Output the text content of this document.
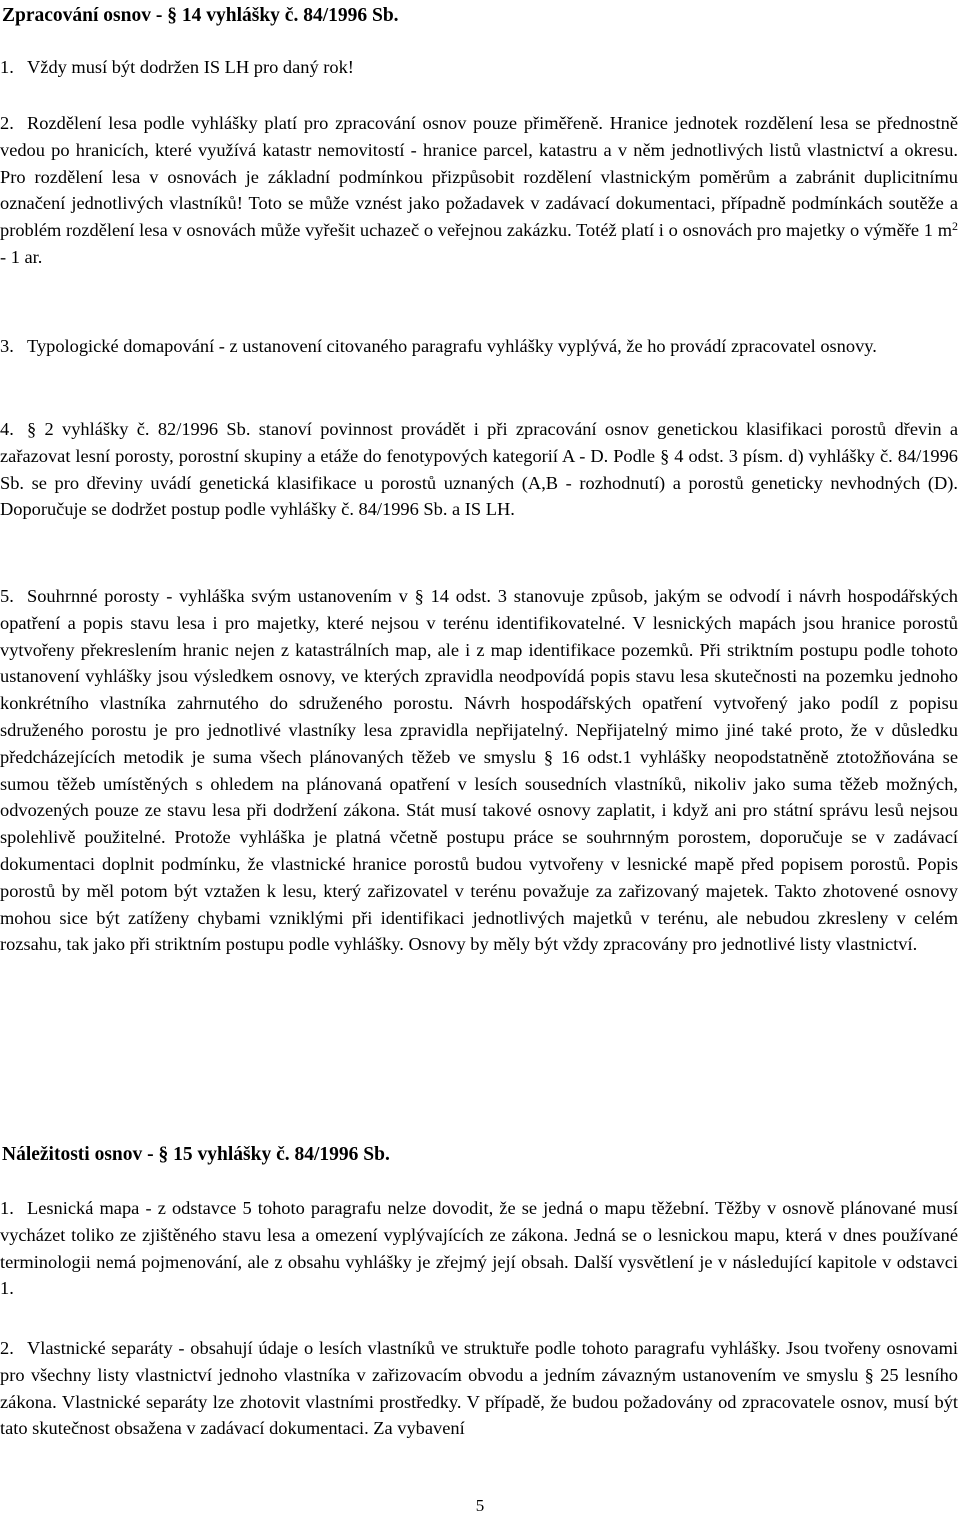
Zpracování osnov - § 14 vyhlášky č. 84/1996 Sb.
1. Vždy musí být dodržen IS LH pro daný rok!
2. Rozdělení lesa podle vyhlášky platí pro zpracování osnov pouze přiměřeně. Hranice jednotek rozdělení lesa se přednostně vedou po hranicích, které využívá katastr nemovitostí - hranice parcel, katastru a v něm jednotlivých listů vlastnictví a okresu. Pro rozdělení lesa v osnovách je základní podmínkou přizpůsobit rozdělení vlastnickým poměrům a zabránit duplicitnímu označení jednotlivých vlastníků! Toto se může vznést jako požadavek v zadávací dokumentaci, případně podmínkách soutěže a problém rozdělení lesa v osnovách může vyřešit uchazeč o veřejnou zakázku. Totéž platí i o osnovách pro majetky o výměře 1 $m^2 - 1$ ar.
3. Typologické domapování - z ustanovení citovaného paragrafu vyhlášky vyplývá, že ho provádí zpracovatel osnovy.
4. § 2 vyhlášky č. 82/1996 Sb. stanoví povinnost provádět i při zpracování osnov genetickou klasifikaci porostů dřevin a zařazovat lesní porosty, porostní skupiny a etáže do fenotypových kategorií A - D. Podle § 4 odst. 3 písm. d) vyhlášky č. 84/1996 Sb. se pro dřeviny uvádí genetická klasifikace u porostů uznaných (A,B - rozhodnutí) a porostů geneticky nevhodných (D). Doporučuje se dodržet postup podle vyhlášky č. 84/1996 Sb. a IS LH.
5. Souhrnné porosty - vyhláška svým ustanovením v § 14 odst. 3 stanovuje způsob, jakým se odvodí i návrh hospodářských opatření a popis stavu lesa i pro majetky, které nejsou v terénu identifikovatelné. V lesnických mapách jsou hranice porostů vytvořeny překreslením hranic nejen z katastrálních map, ale i z map identifikace pozemků. Při striktním postupu podle tohoto ustanovení vyhlášky jsou výsledkem osnovy, ve kterých zpravidla neodpovídá popis stavu lesa skutečnosti na pozemku jednoho konkrétního vlastníka zahrnutého do sdruženého porostu. Návrh hospodářských opatření vytvořený jako podíl z popisu sdruženého porostu je pro jednotlivé vlastníky lesa zpravidla nepřijatelný. Nepřijatelný mimo jiné také proto, že v důsledku předcházejících metodik je suma všech plánovaných těžeb ve smyslu § 16 odst.1 vyhlášky neopodstatněně ztotožňována se sumou těžeb umístěných s ohledem na plánovaná opatření v lesích sousedních vlastníků, nikoliv jako suma těžeb možných, odvozených pouze ze stavu lesa při dodržení zákona. Stát musí takové osnovy zaplatit, i když ani pro státní správu lesů nejsou spolehlivě použitelné. Protože vyhláška je platná včetně postupu práce se souhrnným porostem, doporučuje se v zadávací dokumentaci doplnit podmínku, že vlastnické hranice porostů budou vytvořeny v lesnické mapě před popisem porostů. Popis porostů by měl potom být vztažen k lesu, který zařizovatel v terénu považuje za zařizovaný majetek. Takto zhotovené osnovy mohou sice být zatíženy chybami vzniklými při identifikaci jednotlivých majetků v terénu, ale nebudou zkresleny v celém rozsahu, tak jako při striktním postupu podle vyhlášky. Osnovy by měly být vždy zpracovány pro jednotlivé listy vlastnictví.
Náležitosti osnov - § 15 vyhlášky č. 84/1996 Sb.
1. Lesnická mapa - z odstavce 5 tohoto paragrafu nelze dovodit, že se jedná o mapu těžební. Těžby v osnově plánované musí vycházet toliko ze zjištěného stavu lesa a omezení vyplývajících ze zákona. Jedná se o lesnickou mapu, která v dnes používané terminologii nemá pojmenování, ale z obsahu vyhlášky je zřejmý její obsah. Další vysvětlení je v následující kapitole v odstavci 1.
2. Vlastnické separáty - obsahují údaje o lesích vlastníků ve struktuře podle tohoto paragrafu vyhlášky. Jsou tvořeny osnovami pro všechny listy vlastnictví jednoho vlastníka v zařizovacím obvodu a jedním závazným ustanovením ve smyslu § 25 lesního zákona. Vlastnické separáty lze zhotovit vlastními prostředky. V případě, že budou požadovány od zpracovatele osnov, musí být tato skutečnost obsažena v zadávací dokumentaci. Za vybavení
5
